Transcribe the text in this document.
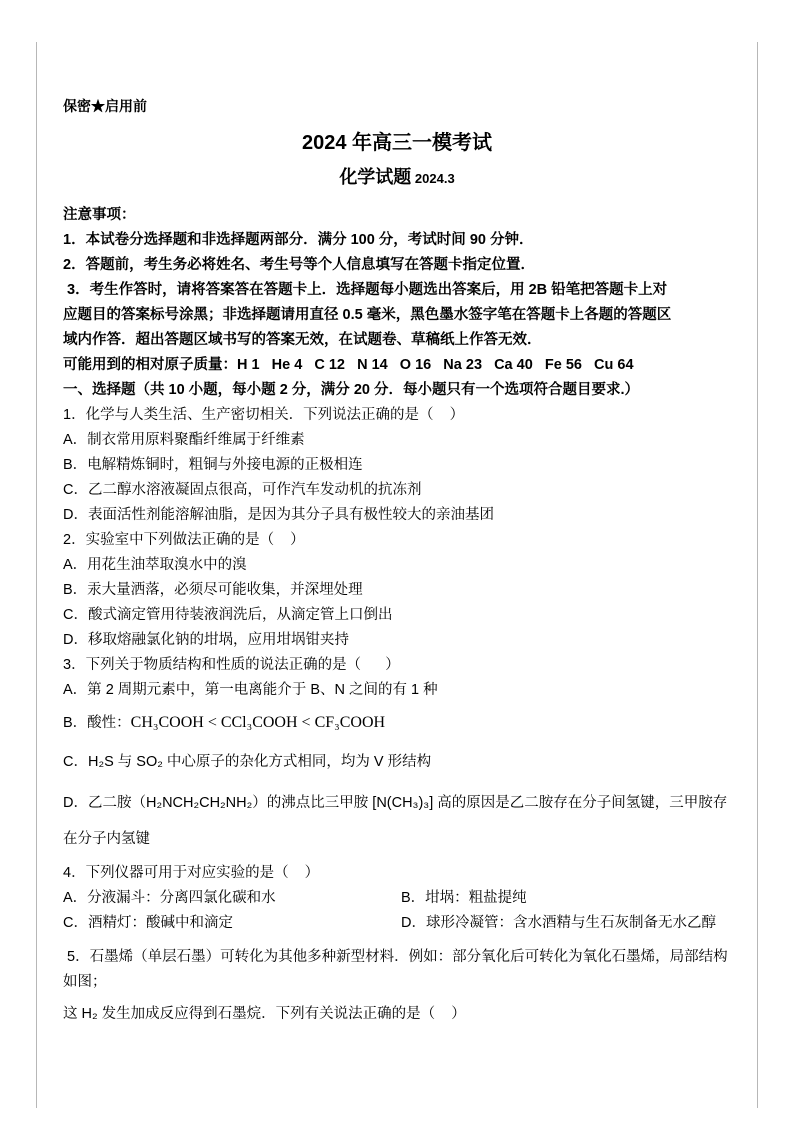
保密★启用前
2024 年高三一模考试
化学试题 2024.3
注意事项：
1．本试卷分选择题和非选择题两部分．满分 100 分，考试时间 90 分钟．
2．答题前，考生务必将姓名、考生号等个人信息填写在答题卡指定位置．
3．考生作答时，请将答案答在答题卡上．选择题每小题选出答案后，用 2B 铅笔把答题卡上对
应题目的答案标号涂黑；非选择题请用直径 0.5 毫米，黑色墨水签字笔在答题卡上各题的答题区
域内作答．超出答题区域书写的答案无效，在试题卷、草稿纸上作答无效．
可能用到的相对原子质量：H 1   He 4   C 12   N 14   O 16   Na 23   Ca 40   Fe 56   Cu 64
一、选择题（共 10 小题，每小题 2 分，满分 20 分．每小题只有一个选项符合题目要求.）
1．化学与人类生活、生产密切相关．下列说法正确的是（    ）
A．制衣常用原料聚酯纤维属于纤维素
B．电解精炼铜时，粗铜与外接电源的正极相连
C．乙二醇水溶液凝固点很高，可作汽车发动机的抗冻剂
D．表面活性剂能溶解油脂，是因为其分子具有极性较大的亲油基团
2．实验室中下列做法正确的是（    ）
A．用花生油萃取溴水中的溴
B．汞大量洒落，必须尽可能收集，并深埋处理
C．酸式滴定管用待装液润洗后，从滴定管上口倒出
D．移取熔融氯化钠的坩埚，应用坩埚钳夹持
3．下列关于物质结构和性质的说法正确的是（      ）
A．第 2 周期元素中，第一电离能介于 B、N 之间的有 1 种
B．酸性：CH₃COOH < CCl₃COOH < CF₃COOH
C．H₂S 与 SO₂ 中心原子的杂化方式相同，均为 V 形结构
D．乙二胺（H₂NCH₂CH₂NH₂）的沸点比三甲胺 [N(CH₃)₃] 高的原因是乙二胺存在分子间氢键，三甲胺存
在分子内氢键
4．下列仪器可用于对应实验的是（    ）
A．分液漏斗：分离四氯化碳和水	B．坩埚：粗盐提纯
C．酒精灯：酸碱中和滴定	D．球形冷凝管：含水酒精与生石灰制备无水乙醇
5．石墨烯（单层石墨）可转化为其他多种新型材料．例如：部分氧化后可转化为氧化石墨烯，局部结构如图；
这 H₂ 发生加成反应得到石墨烷．下列有关说法正确的是（    ）
